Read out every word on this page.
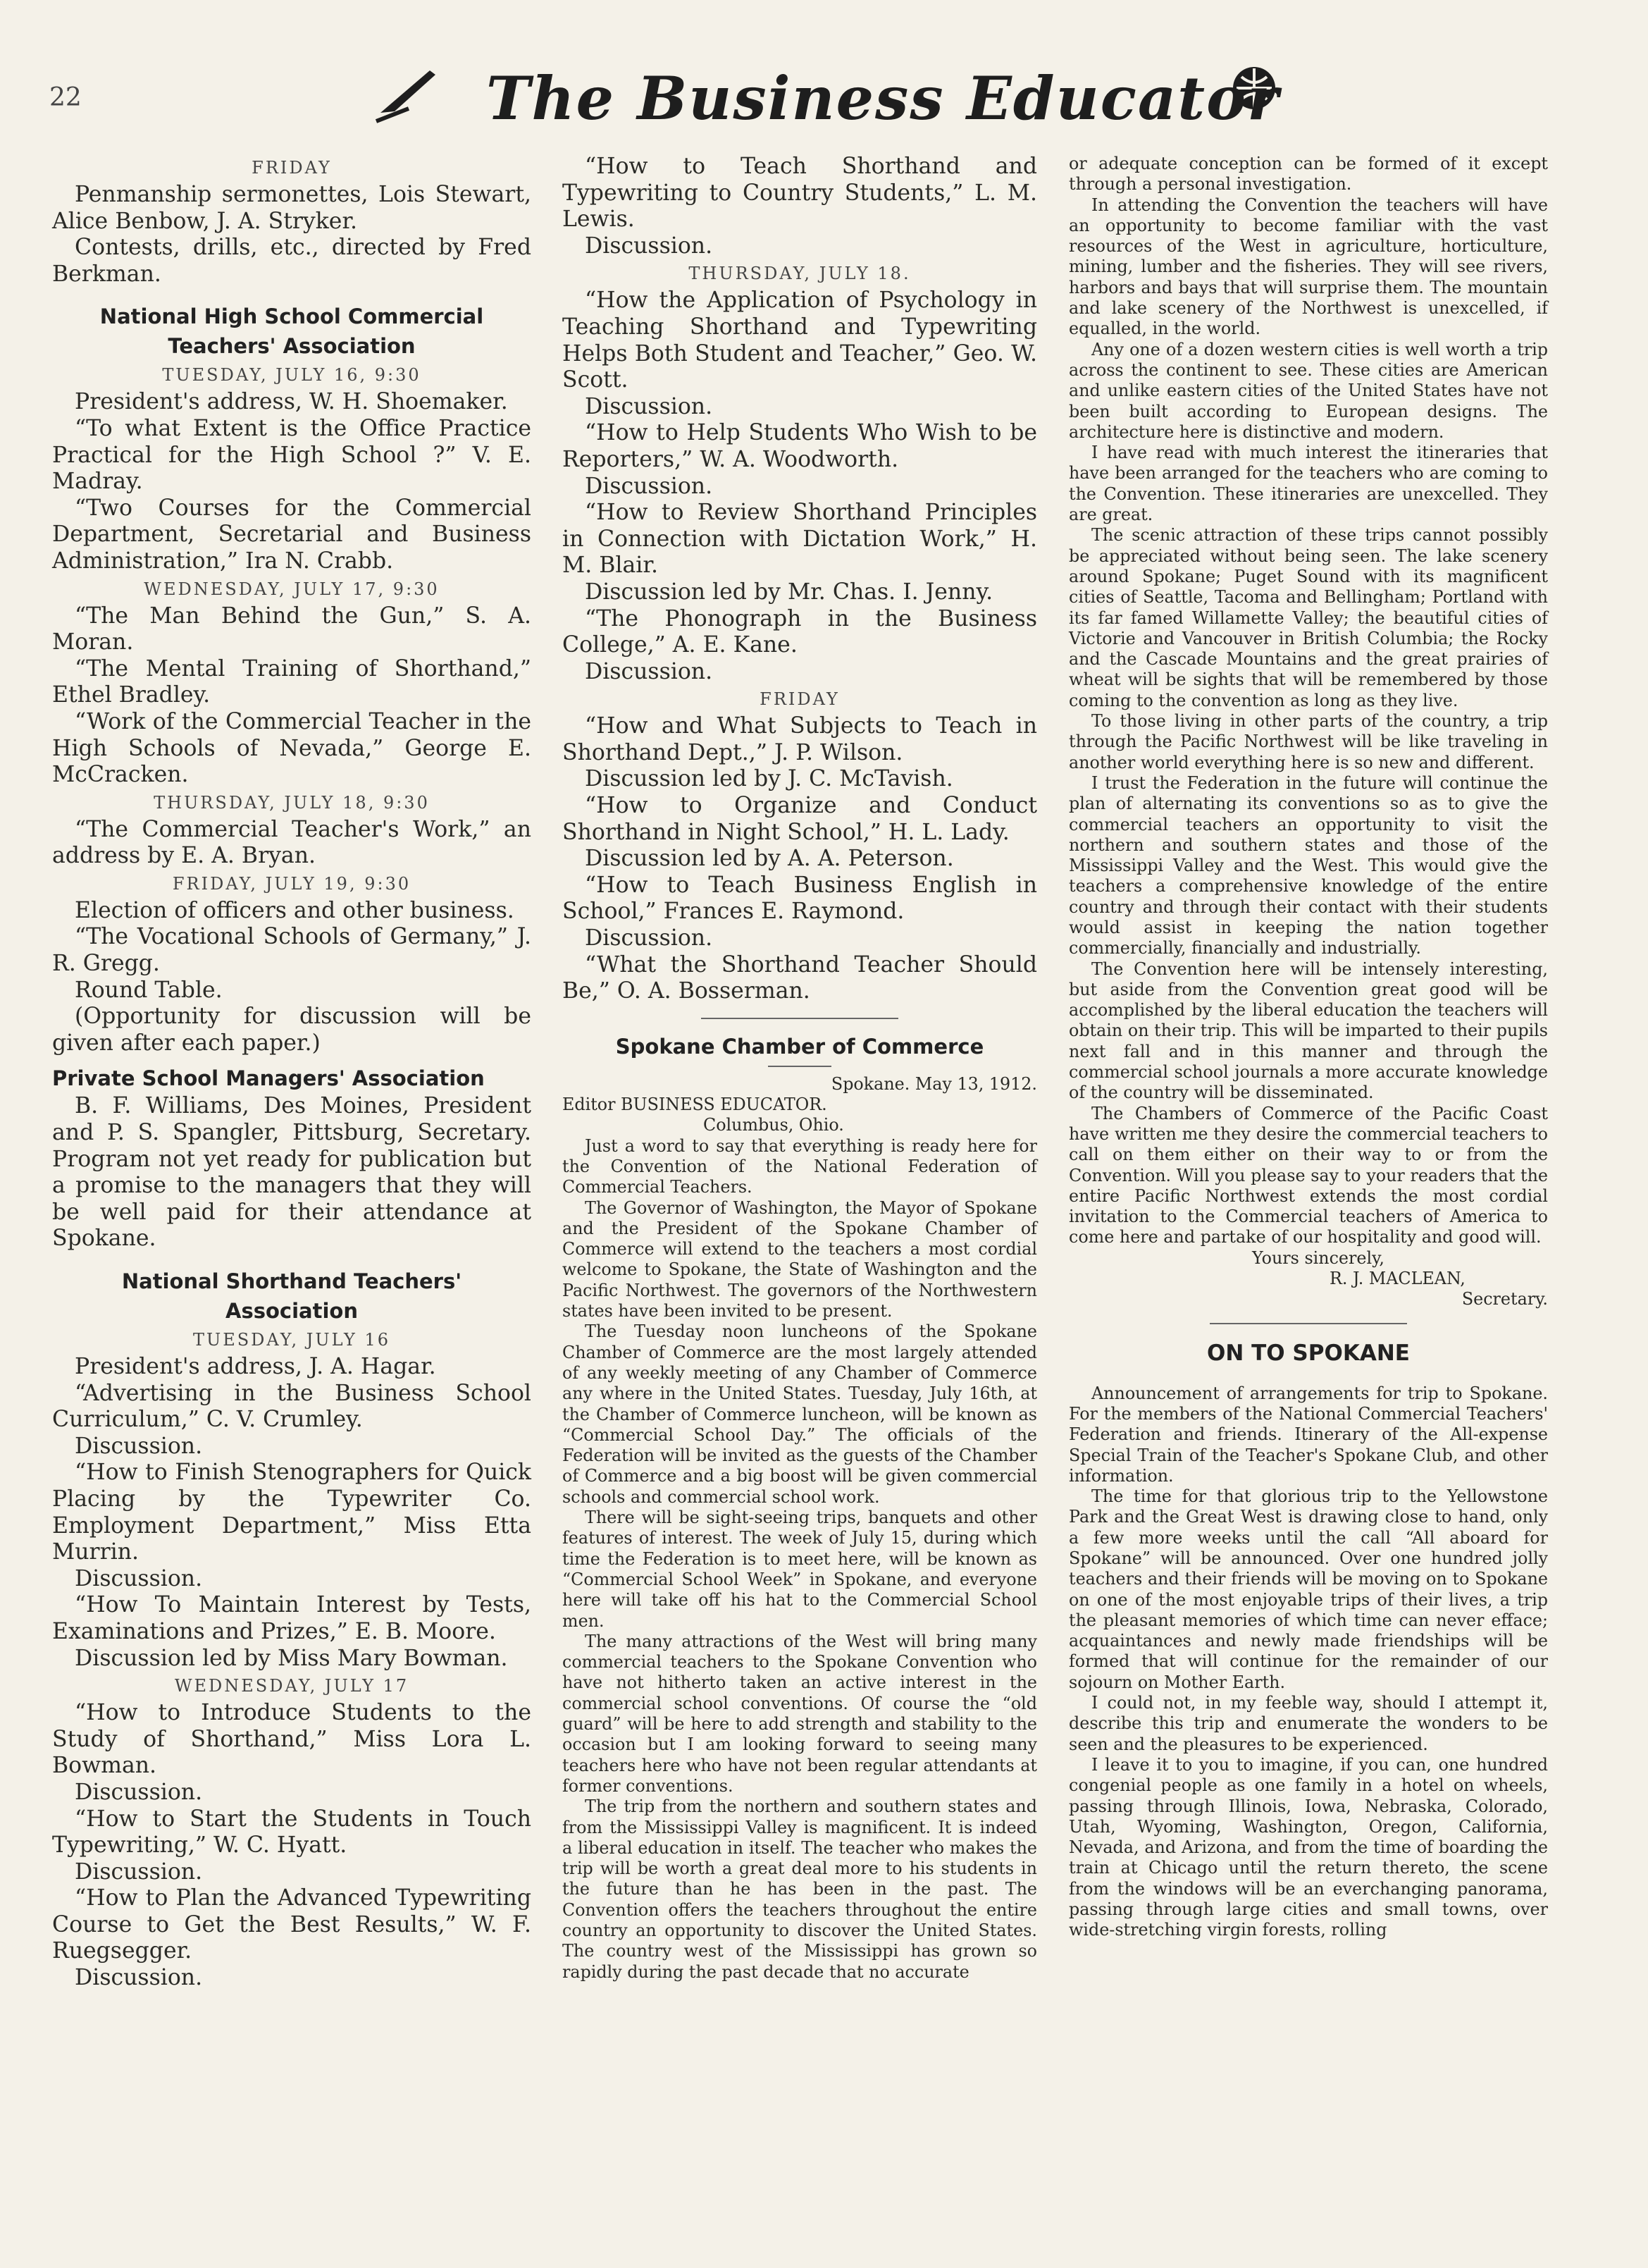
22	The Business Educator
FRIDAY

Penmanship sermonettes, Lois Stewart, Alice Benbow, J. A. Stryker.

Contests, drills, etc., directed by Fred Berkman.

National High School Commercial Teachers' Association
TUESDAY, JULY 16, 9:30

President's address, W. H. Shoemaker.

“To what Extent is the Office Practice Practical for the High School ?” V. E. Madray.

“Two Courses for the Commercial Department, Secretarial and Business Administration,” Ira N. Crabb.

WEDNESDAY, JULY 17, 9:30

“The Man Behind the Gun,” S. A. Moran.

“The Mental Training of Shorthand,” Ethel Bradley.

“Work of the Commercial Teacher in the High Schools of Nevada,” George E. McCracken.

THURSDAY, JULY 18, 9:30

“The Commercial Teacher's Work,” an address by E. A. Bryan.

FRIDAY, JULY 19, 9:30

Election of officers and other business.

“The Vocational Schools of Germany,” J. R. Gregg.

Round Table.

(Opportunity for discussion will be given after each paper.)

Private School Managers' Association

B. F. Williams, Des Moines, President and P. S. Spangler, Pittsburg, Secretary. Program not yet ready for publication but a promise to the managers that they will be well paid for their attendance at Spokane.

National Shorthand Teachers' Association
TUESDAY, JULY 16

President's address, J. A. Hagar.

“Advertising in the Business School Curriculum,” C. V. Crumley.

Discussion.

“How to Finish Stenographers for Quick Placing by the Typewriter Co. Employment Department,” Miss Etta Murrin.

Discussion.

“How To Maintain Interest by Tests, Examinations and Prizes,” E. B. Moore.

Discussion led by Miss Mary Bowman.

WEDNESDAY, JULY 17

“How to Introduce Students to the Study of Shorthand,” Miss Lora L. Bowman.

Discussion.

“How to Start the Students in Touch Typewriting,” W. C. Hyatt.

Discussion.

“How to Plan the Advanced Typewriting Course to Get the Best Results,” W. F. Ruegsegger.

Discussion.

“How to Teach Shorthand and Typewriting to Country Students,” L. M. Lewis.

Discussion.

THURSDAY, JULY 18.

“How the Application of Psychology in Teaching Shorthand and Typewriting Helps Both Student and Teacher,” Geo. W. Scott.

Discussion.

“How to Help Students Who Wish to be Reporters,” W. A. Woodworth.

Discussion.

“How to Review Shorthand Principles in Connection with Dictation Work,” H. M. Blair.

Discussion led by Mr. Chas. I. Jenny.

“The Phonograph in the Business College,” A. E. Kane.

Discussion.

FRIDAY

“How and What Subjects to Teach in Shorthand Dept.,” J. P. Wilson.

Discussion led by J. C. McTavish.

“How to Organize and Conduct Shorthand in Night School,” H. L. Lady.

Discussion led by A. A. Peterson.

“How to Teach Business English in School,” Frances E. Raymond.

Discussion.

“What the Shorthand Teacher Should Be,” O. A. Bosserman.

Spokane Chamber of Commerce

Spokane. May 13, 1912.

Editor BUSINESS EDUCATOR.

Columbus, Ohio.

Just a word to say that everything is ready here for the Convention of the National Federation of Commercial Teachers.

The Governor of Washington, the Mayor of Spokane and the President of the Spokane Chamber of Commerce will extend to the teachers a most cordial welcome to Spokane, the State of Washington and the Pacific Northwest. The governors of the Northwestern states have been invited to be present.

The Tuesday noon luncheons of the Spokane Chamber of Commerce are the most largely attended of any weekly meeting of any Chamber of Commerce any where in the United States. Tuesday, July 16th, at the Chamber of Commerce luncheon, will be known as “Commercial School Day.” The officials of the Federation will be invited as the guests of the Chamber of Commerce and a big boost will be given commercial schools and commercial school work.

There will be sight-seeing trips, banquets and other features of interest. The week of July 15, during which time the Federation is to meet here, will be known as “Commercial School Week” in Spokane, and everyone here will take off his hat to the Commercial School men.

The many attractions of the West will bring many commercial teachers to the Spokane Convention who have not hitherto taken an active interest in the commercial school conventions. Of course the “old guard” will be here to add strength and stability to the occasion but I am looking forward to seeing many teachers here who have not been regular attendants at former conventions.

The trip from the northern and southern states and from the Mississippi Valley is magnificent. It is indeed a liberal education in itself. The teacher who makes the trip will be worth a great deal more to his students in the future than he has been in the past. The Convention offers the teachers throughout the entire country an opportunity to discover the United States. The country west of the Mississippi has grown so rapidly during the past decade that no accurate

or adequate conception can be formed of it except through a personal investigation.

In attending the Convention the teachers will have an opportunity to become familiar with the vast resources of the West in agriculture, horticulture, mining, lumber and the fisheries. They will see rivers, harbors and bays that will surprise them. The mountain and lake scenery of the Northwest is unexcelled, if equalled, in the world.

Any one of a dozen western cities is well worth a trip across the continent to see. These cities are American and unlike eastern cities of the United States have not been built according to European designs. The architecture here is distinctive and modern.

I have read with much interest the itineraries that have been arranged for the teachers who are coming to the Convention. These itineraries are unexcelled. They are great.

The scenic attraction of these trips cannot possibly be appreciated without being seen. The lake scenery around Spokane; Puget Sound with its magnificent cities of Seattle, Tacoma and Bellingham; Portland with its far famed Willamette Valley; the beautiful cities of Victorie and Vancouver in British Columbia; the Rocky and the Cascade Mountains and the great prairies of wheat will be sights that will be remembered by those coming to the convention as long as they live.

To those living in other parts of the country, a trip through the Pacific Northwest will be like traveling in another world everything here is so new and different.

I trust the Federation in the future will continue the plan of alternating its conventions so as to give the commercial teachers an opportunity to visit the northern and southern states and those of the Mississippi Valley and the West. This would give the teachers a comprehensive knowledge of the entire country and through their contact with their students would assist in keeping the nation together commercially, financially and industrially.

The Convention here will be intensely interesting, but aside from the Convention great good will be accomplished by the liberal education the teachers will obtain on their trip. This will be imparted to their pupils next fall and in this manner and through the commercial school journals a more accurate knowledge of the country will be disseminated.

The Chambers of Commerce of the Pacific Coast have written me they desire the commercial teachers to call on them either on their way to or from the Convention. Will you please say to your readers that the entire Pacific Northwest extends the most cordial invitation to the Commercial teachers of America to come here and partake of our hospitality and good will.

Yours sincerely,

R. J. MACLEAN,

Secretary.

ON TO SPOKANE

Announcement of arrangements for trip to Spokane. For the members of the National Commercial Teachers' Federation and friends. Itinerary of the All-expense Special Train of the Teacher's Spokane Club, and other information.

The time for that glorious trip to the Yellowstone Park and the Great West is drawing close to hand, only a few more weeks until the call “All aboard for Spokane” will be announced. Over one hundred jolly teachers and their friends will be moving on to Spokane on one of the most enjoyable trips of their lives, a trip the pleasant memories of which time can never efface; acquaintances and newly made friendships will be formed that will continue for the remainder of our sojourn on Mother Earth.

I could not, in my feeble way, should I attempt it, describe this trip and enumerate the wonders to be seen and the pleasures to be experienced.

I leave it to you to imagine, if you can, one hundred congenial people as one family in a hotel on wheels, passing through Illinois, Iowa, Nebraska, Colorado, Utah, Wyoming, Washington, Oregon, California, Nevada, and Arizona, and from the time of boarding the train at Chicago until the return thereto, the scene from the windows will be an everchanging panorama, passing through large cities and small towns, over wide-stretching virgin forests, rolling
